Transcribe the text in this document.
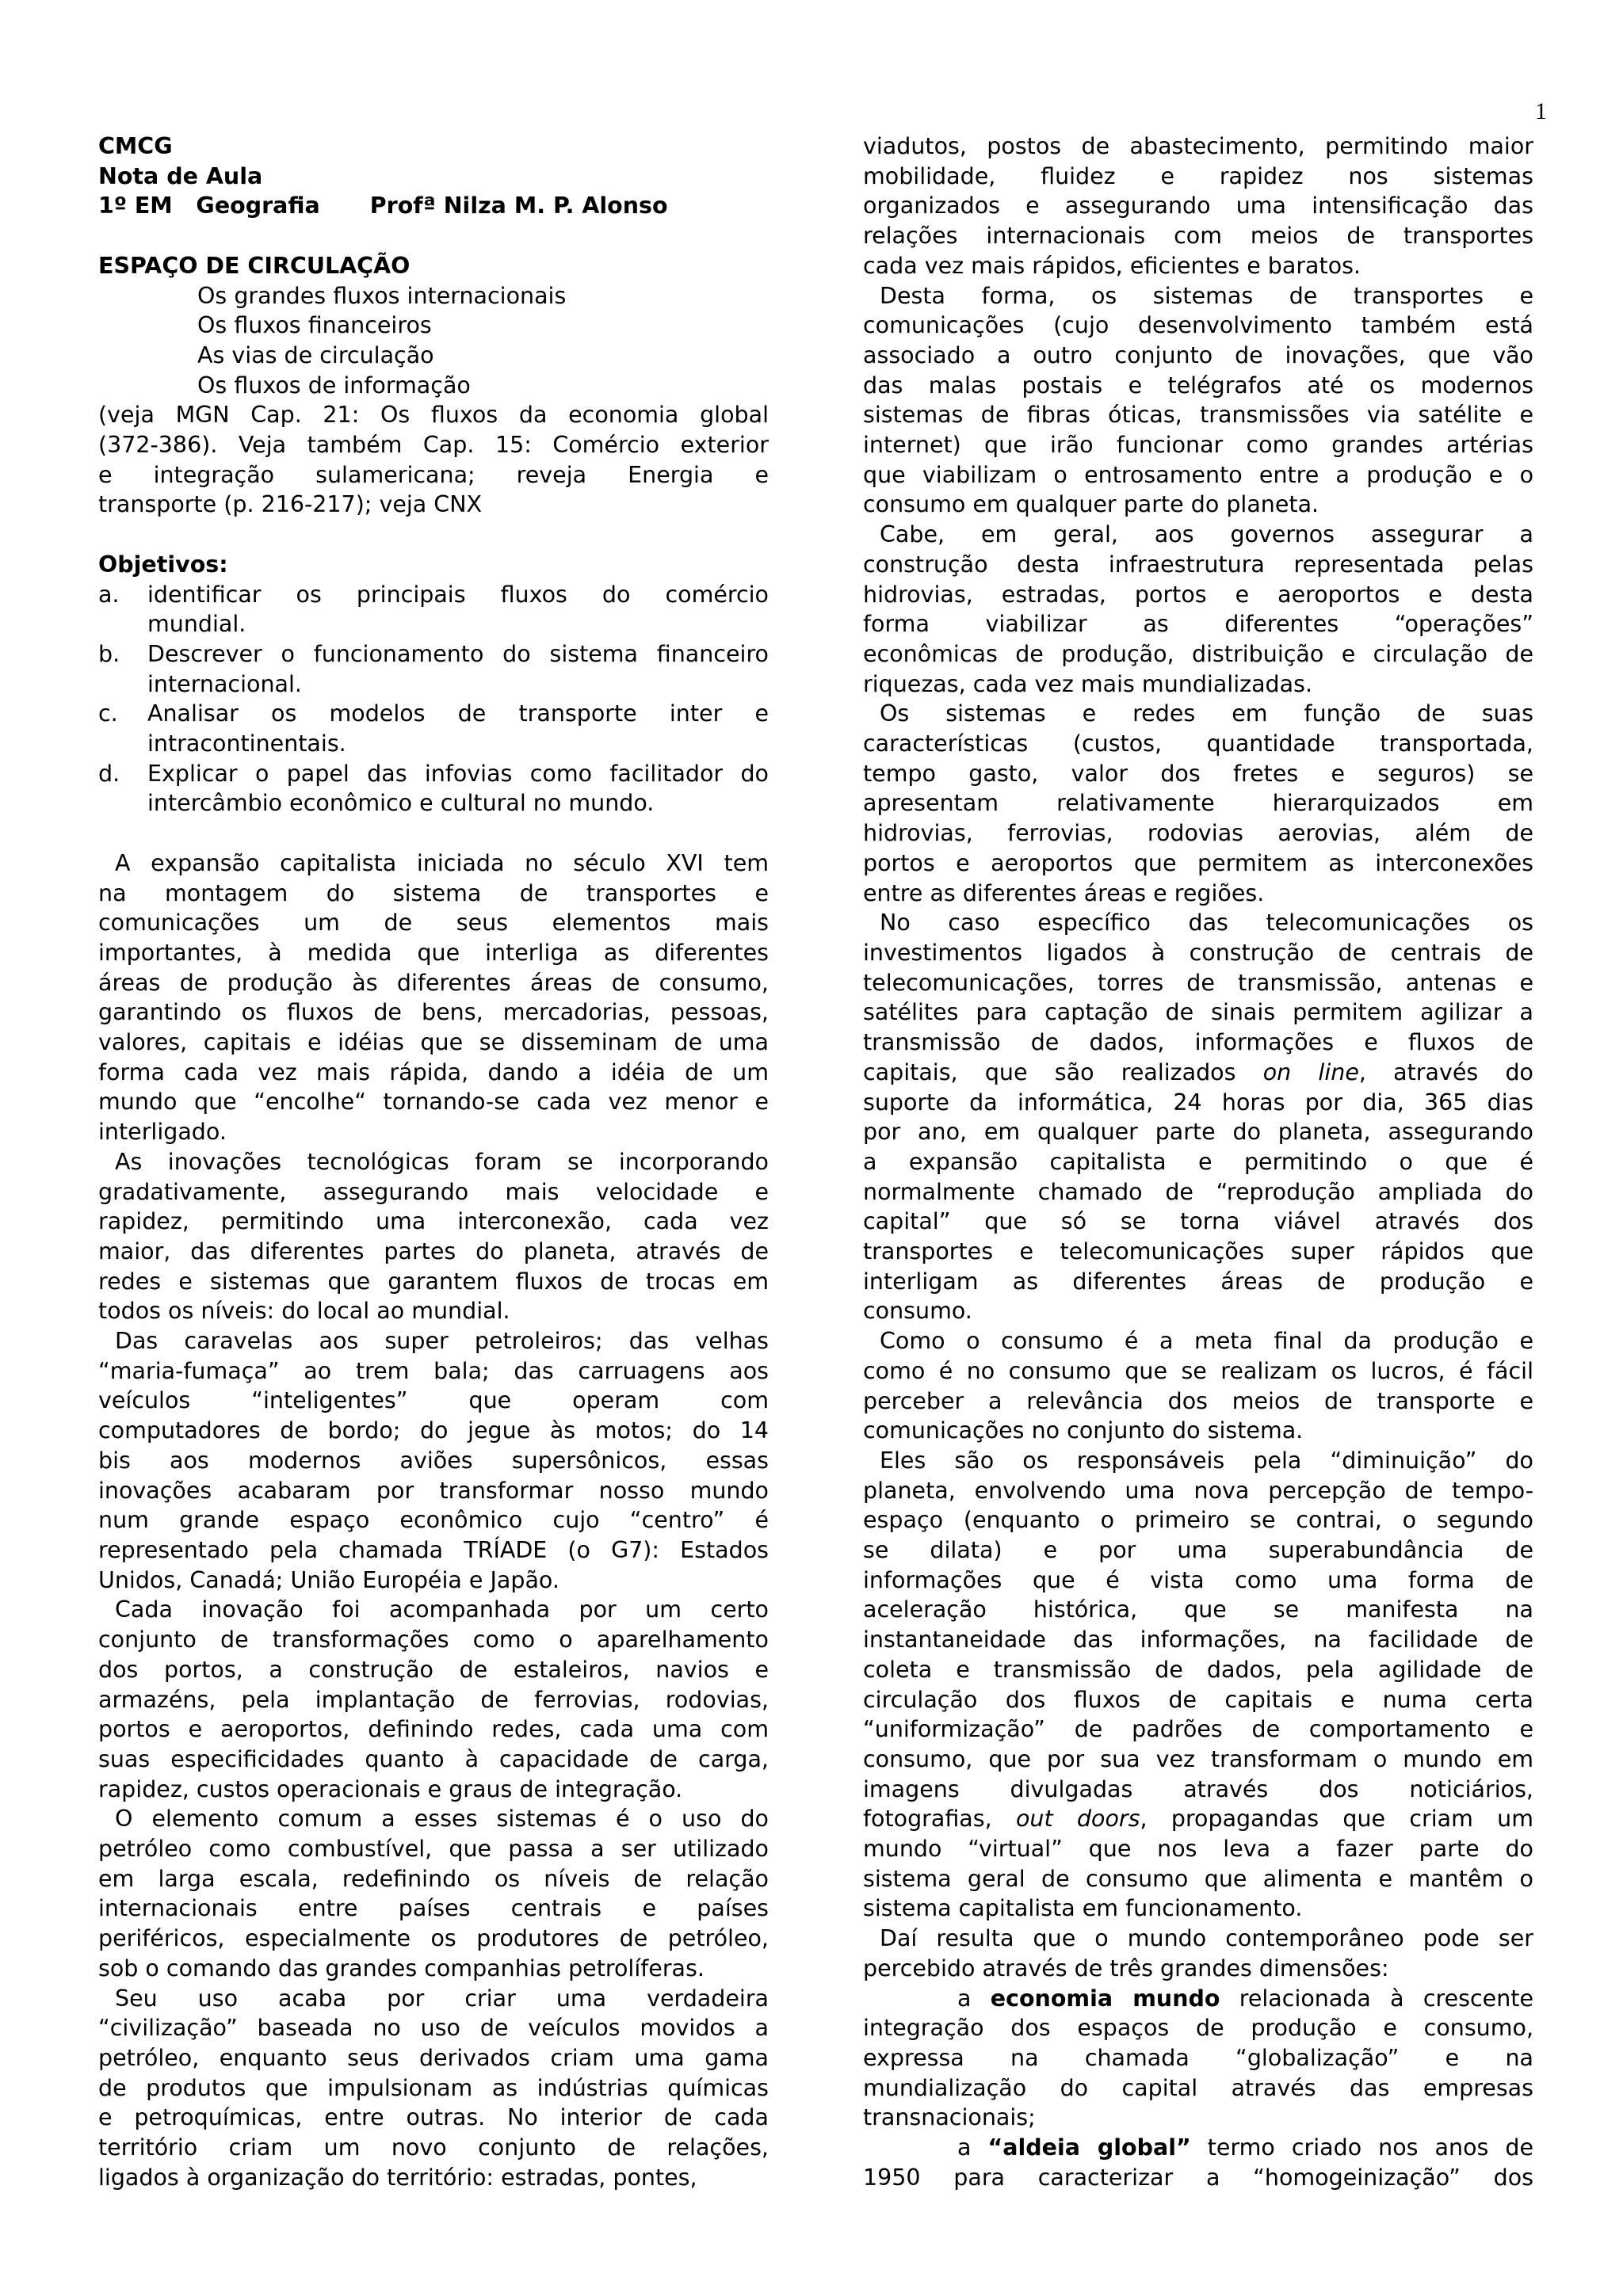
1
CMCG
Nota de Aula
1º EM   Geografia Profª Nilza M. P. Alonso
ESPAÇO DE CIRCULAÇÃO
Os grandes fluxos internacionais
Os fluxos financeiros
As vias de circulação
Os fluxos de informação
(veja MGN Cap. 21: Os fluxos da economia global
(372-386). Veja também Cap. 15: Comércio exterior
e integração sulamericana; reveja Energia e
transporte (p. 216-217); veja CNX
Objetivos:
a. identificar os principais fluxos do comércio
mundial.
b. Descrever o funcionamento do sistema financeiro
internacional.
c. Analisar os modelos de transporte inter e
intracontinentais.
d. Explicar o papel das infovias como facilitador do
intercâmbio econômico e cultural no mundo.
A expansão capitalista iniciada no século XVI tem
na montagem do sistema de transportes e
comunicações um de seus elementos mais
importantes, à medida que interliga as diferentes
áreas de produção às diferentes áreas de consumo,
garantindo os fluxos de bens, mercadorias, pessoas,
valores, capitais e idéias que se disseminam de uma
forma cada vez mais rápida, dando a idéia de um
mundo que “encolhe“ tornando-se cada vez menor e
interligado.
As inovações tecnológicas foram se incorporando
gradativamente, assegurando mais velocidade e
rapidez, permitindo uma interconexão, cada vez
maior, das diferentes partes do planeta, através de
redes e sistemas que garantem fluxos de trocas em
todos os níveis: do local ao mundial.
Das caravelas aos super petroleiros; das velhas
“maria-fumaça” ao trem bala; das carruagens aos
veículos “inteligentes” que operam com
computadores de bordo; do jegue às motos; do 14
bis aos modernos aviões supersônicos, essas
inovações acabaram por transformar nosso mundo
num grande espaço econômico cujo “centro” é
representado pela chamada TRÍADE (o G7): Estados
Unidos, Canadá; União Européia e Japão.
Cada inovação foi acompanhada por um certo
conjunto de transformações como o aparelhamento
dos portos, a construção de estaleiros, navios e
armazéns, pela implantação de ferrovias, rodovias,
portos e aeroportos, definindo redes, cada uma com
suas especificidades quanto à capacidade de carga,
rapidez, custos operacionais e graus de integração.
O elemento comum a esses sistemas é o uso do
petróleo como combustível, que passa a ser utilizado
em larga escala, redefinindo os níveis de relação
internacionais entre países centrais e países
periféricos, especialmente os produtores de petróleo,
sob o comando das grandes companhias petrolíferas.
Seu uso acaba por criar uma verdadeira
“civilização” baseada no uso de veículos movidos a
petróleo, enquanto seus derivados criam uma gama
de produtos que impulsionam as indústrias químicas
e petroquímicas, entre outras. No interior de cada
território criam um novo conjunto de relações,
ligados à organização do território: estradas, pontes,
viadutos, postos de abastecimento, permitindo maior
mobilidade, fluidez e rapidez nos sistemas
organizados e assegurando uma intensificação das
relações internacionais com meios de transportes
cada vez mais rápidos, eficientes e baratos.
Desta forma, os sistemas de transportes e
comunicações (cujo desenvolvimento também está
associado a outro conjunto de inovações, que vão
das malas postais e telégrafos até os modernos
sistemas de fibras óticas, transmissões via satélite e
internet) que irão funcionar como grandes artérias
que viabilizam o entrosamento entre a produção e o
consumo em qualquer parte do planeta.
Cabe, em geral, aos governos assegurar a
construção desta infraestrutura representada pelas
hidrovias, estradas, portos e aeroportos e desta
forma viabilizar as diferentes “operações”
econômicas de produção, distribuição e circulação de
riquezas, cada vez mais mundializadas.
Os sistemas e redes em função de suas
características (custos, quantidade transportada,
tempo gasto, valor dos fretes e seguros) se
apresentam relativamente hierarquizados em
hidrovias, ferrovias, rodovias aerovias, além de
portos e aeroportos que permitem as interconexões
entre as diferentes áreas e regiões.
No caso específico das telecomunicações os
investimentos ligados à construção de centrais de
telecomunicações, torres de transmissão, antenas e
satélites para captação de sinais permitem agilizar a
transmissão de dados, informações e fluxos de
capitais, que são realizados on line, através do
suporte da informática, 24 horas por dia, 365 dias
por ano, em qualquer parte do planeta, assegurando
a expansão capitalista e permitindo o que é
normalmente chamado de “reprodução ampliada do
capital” que só se torna viável através dos
transportes e telecomunicações super rápidos que
interligam as diferentes áreas de produção e
consumo.
Como o consumo é a meta final da produção e
como é no consumo que se realizam os lucros, é fácil
perceber a relevância dos meios de transporte e
comunicações no conjunto do sistema.
Eles são os responsáveis pela “diminuição” do
planeta, envolvendo uma nova percepção de tempo-
espaço (enquanto o primeiro se contrai, o segundo
se dilata) e por uma superabundância de
informações que é vista como uma forma de
aceleração histórica, que se manifesta na
instantaneidade das informações, na facilidade de
coleta e transmissão de dados, pela agilidade de
circulação dos fluxos de capitais e numa certa
“uniformização” de padrões de comportamento e
consumo, que por sua vez transformam o mundo em
imagens divulgadas através dos noticiários,
fotografias, out doors, propagandas que criam um
mundo “virtual” que nos leva a fazer parte do
sistema geral de consumo que alimenta e mantêm o
sistema capitalista em funcionamento.
Daí resulta que o mundo contemporâneo pode ser
percebido através de três grandes dimensões:
a economia mundo relacionada à crescente
integração dos espaços de produção e consumo,
expressa na chamada “globalização” e na
mundialização do capital através das empresas
transnacionais;
a “aldeia global” termo criado nos anos de
1950 para caracterizar a “homogeinização” dos
